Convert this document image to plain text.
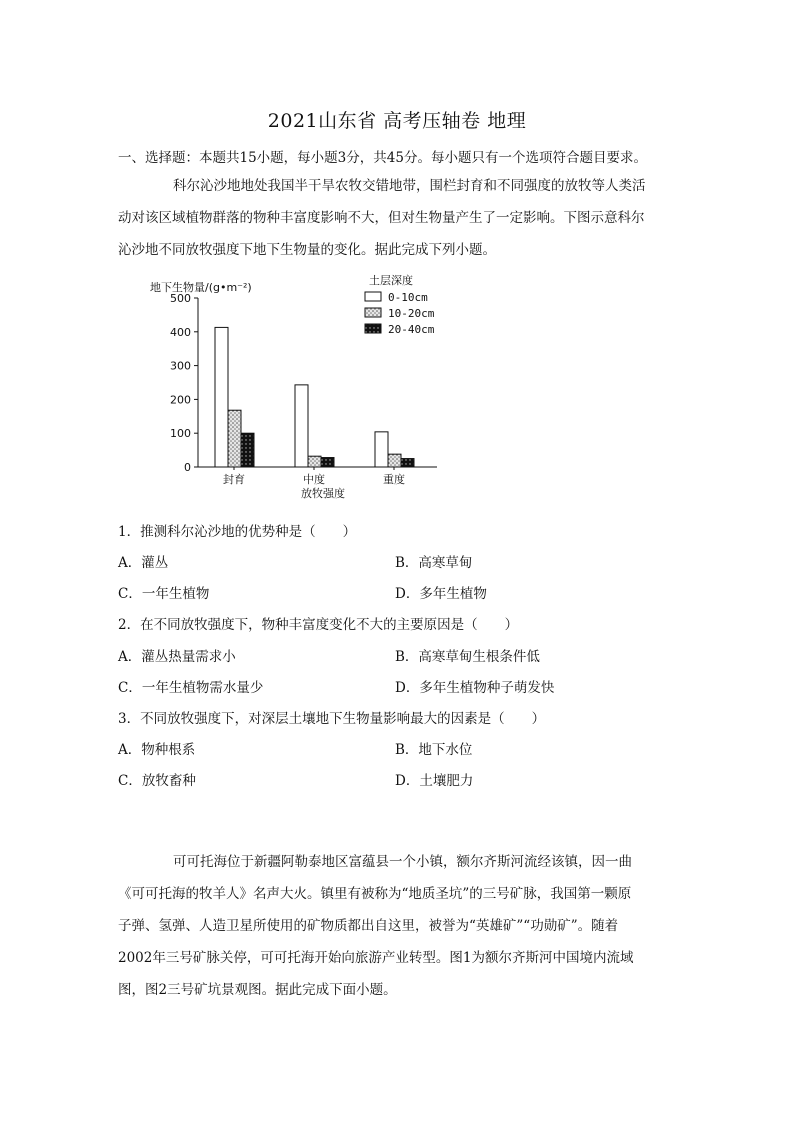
2021山东省 高考压轴卷 地理
一、选择题：本题共15小题，每小题3分，共45分。每小题只有一个选项符合题目要求。

科尔沁沙地地处我国半干旱农牧交错地带，围栏封育和不同强度的放牧等人类活

动对该区域植物群落的物种丰富度影响不大，但对生物量产生了一定影响。下图示意科尔
沁沙地不同放牧强度下地下生物量的变化。据此完成下列小题。
地下生物量/(g•m⁻²)
0
100
200
300
400
500
封育	中度	重度
放牧强度
土层深度
0-10cm
10-20cm
20-40cm
1．推测科尔沁沙地的优势种是（　　）
A．灌丛	B．高寒草甸
C．一年生植物	D．多年生植物
2．在不同放牧强度下，物种丰富度变化不大的主要原因是（　　）
A．灌丛热量需求小	B．高寒草甸生根条件低
C．一年生植物需水量少	D．多年生植物种子萌发快
3．不同放牧强度下，对深层土壤地下生物量影响最大的因素是（　　）
A．物种根系	B．地下水位
C．放牧畜种	D．土壤肥力

可可托海位于新疆阿勒泰地区富蕴县一个小镇，额尔齐斯河流经该镇，因一曲

《可可托海的牧羊人》名声大火。镇里有被称为“地质圣坑”的三号矿脉，我国第一颗原
子弹、氢弹、人造卫星所使用的矿物质都出自这里，被誉为“英雄矿”“功勋矿”。随着
2002年三号矿脉关停，可可托海开始向旅游产业转型。图1为额尔齐斯河中国境内流域
图，图2三号矿坑景观图。据此完成下面小题。
